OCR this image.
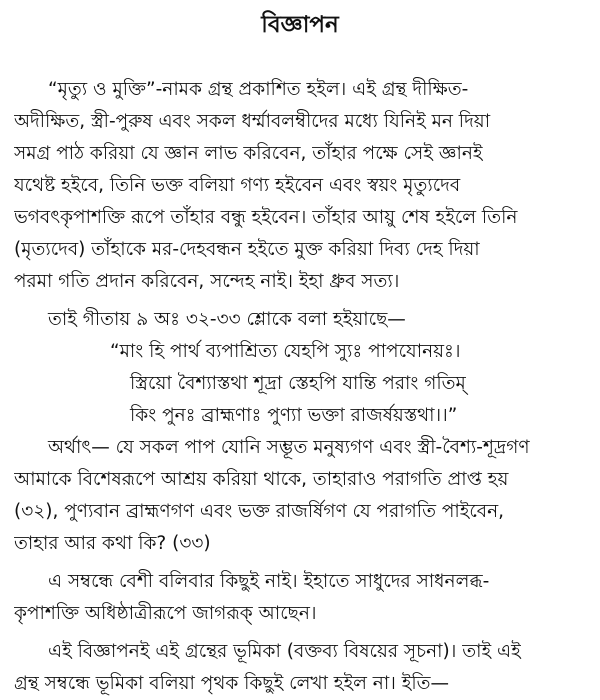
বিজ্ঞাপন
“মৃত্যু ও মুক্তি”-নামক গ্রন্থ প্রকাশিত হইল। এই গ্রন্থ দীক্ষিত-
অদীক্ষিত, স্ত্রী-পুরুষ এবং সকল ধর্ম্মাবলম্বীদের মধ্যে যিনিই মন দিয়া
সমগ্র পাঠ করিয়া যে জ্ঞান লাভ করিবেন, তাঁহার পক্ষে সেই জ্ঞানই
যথেষ্ট হইবে, তিনি ভক্ত বলিয়া গণ্য হইবেন এবং স্বয়ং মৃত্যুদেব
ভগবৎকৃপাশক্তি রূপে তাঁহার বন্ধু হইবেন। তাঁহার আয়ু শেষ হইলে তিনি
(মৃত্যদেব) তাঁহাকে মর-দেহবন্ধন হইতে মুক্ত করিয়া দিব্য দেহ দিয়া
পরমা গতি প্রদান করিবেন, সন্দেহ নাই। ইহা ধ্রুব সত্য।
তাই গীতায় ৯ অঃ ৩২-৩৩ শ্লোকে বলা হইয়াছে—
“মাং হি পার্থ ব্যপাশ্রিত্য যেহপি স্যুঃ পাপযোনয়ঃ।
স্ত্রিয়ো বৈশ্যাস্তথা শূদ্রা স্তেহপি যান্তি পরাং গতিম্
কিং পুনঃ ব্রাহ্মণাঃ পুণ্যা ভক্তা রাজর্ষয়স্তথা।।”
অর্থাৎ— যে সকল পাপ যোনি সম্ভূত মনুষ্যগণ এবং স্ত্রী-বৈশ্য-শূদ্রগণ
আমাকে বিশেষরূপে আশ্রয় করিয়া থাকে, তাহারাও পরাগতি প্রাপ্ত হয়
(৩২), পুণ্যবান ব্রাহ্মণগণ এবং ভক্ত রাজর্ষিগণ যে পরাগতি পাইবেন,
তাহার আর কথা কি? (৩৩)
এ সম্বন্ধে বেশী বলিবার কিছুই নাই। ইহাতে সাধুদের সাধনলব্ধ-
কৃপাশক্তি অধিষ্ঠাত্রীরূপে জাগরূক্ আছেন।
এই বিজ্ঞাপনই এই গ্রন্থের ভূমিকা (বক্তব্য বিষয়ের সূচনা)। তাই এই
গ্রন্থ সম্বন্ধে ভূমিকা বলিয়া পৃথক কিছুই লেখা হইল না। ইতি—
